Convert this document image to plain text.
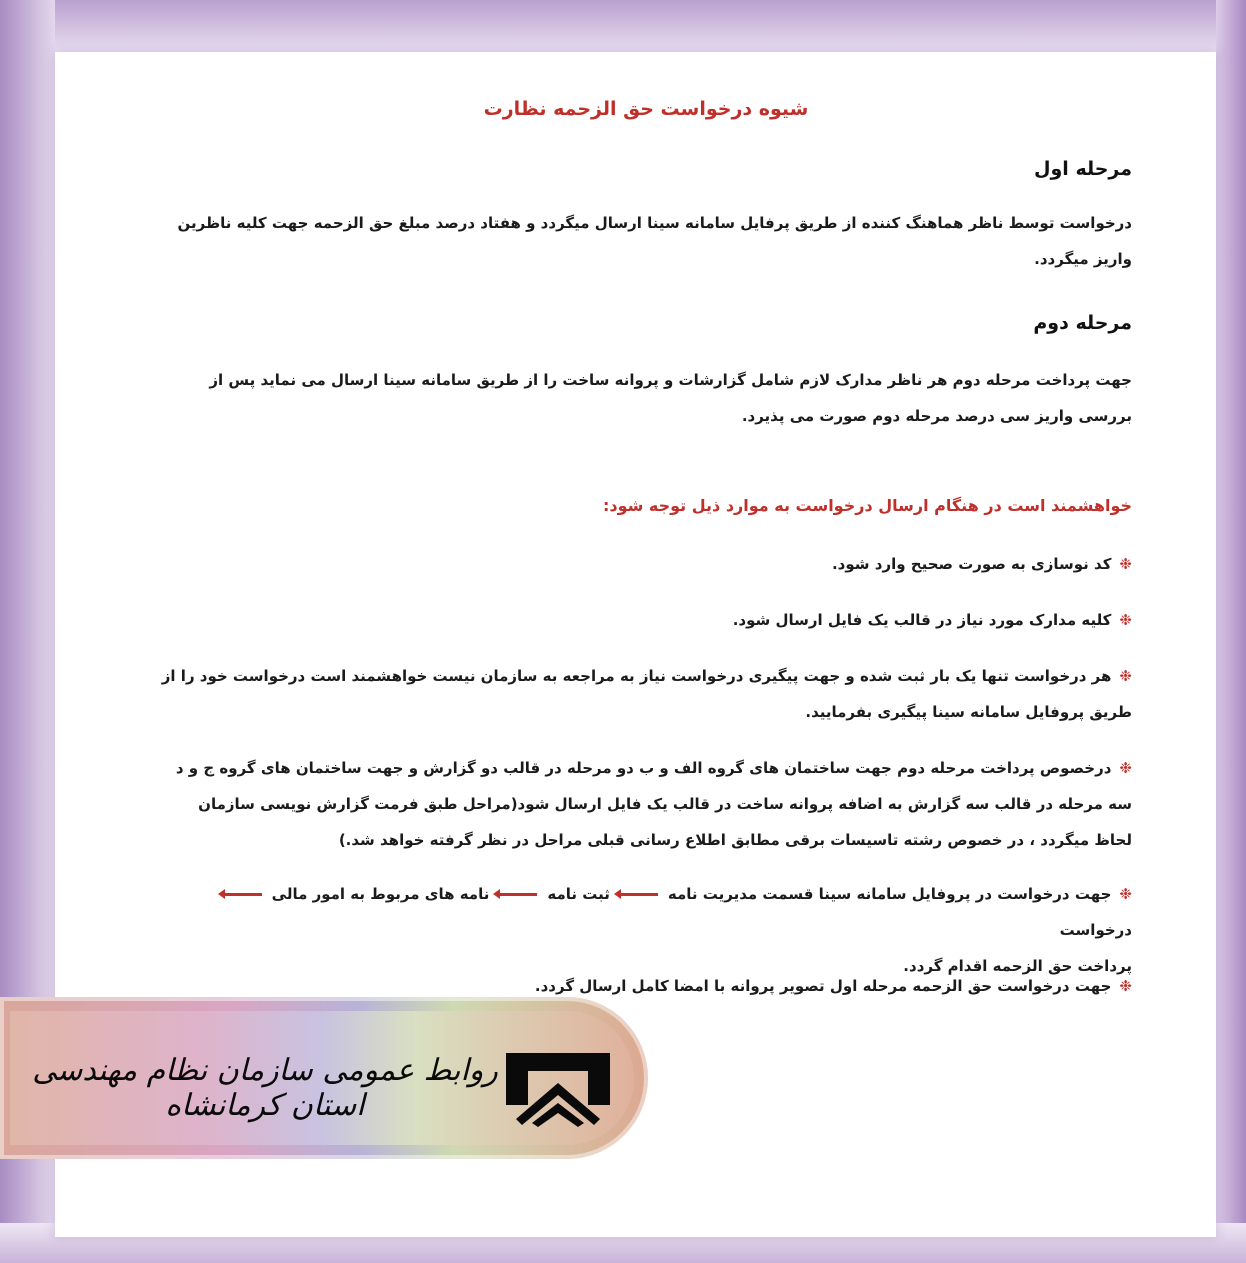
شیوه درخواست حق الزحمه نظارت
مرحله اول
درخواست توسط ناظر هماهنگ کننده از طریق پرفایل سامانه سینا ارسال میگردد و هفتاد درصد مبلغ حق الزحمه جهت کلیه ناظرین واریز میگردد.
مرحله دوم
جهت پرداخت مرحله دوم هر ناظر مدارک لازم شامل گزارشات و پروانه ساخت را از طریق سامانه سینا ارسال می نماید پس از بررسی واریز سی درصد مرحله دوم صورت می پذیرد.
خواهشمند است در هنگام ارسال درخواست به موارد ذیل توجه شود:
❉کد نوسازی به صورت صحیح وارد شود.
❉کلیه مدارک مورد نیاز در قالب یک فایل ارسال شود.
❉هر درخواست تنها یک بار ثبت شده و جهت پیگیری درخواست نیاز به مراجعه به سازمان نیست خواهشمند است درخواست خود را از طریق پروفایل سامانه سینا پیگیری بفرمایید.
❉درخصوص پرداخت مرحله دوم جهت ساختمان های گروه الف و ب دو مرحله در قالب دو گزارش و جهت ساختمان های گروه ج و د سه مرحله در قالب سه گزارش به اضافه پروانه ساخت در قالب یک فایل ارسال شود(مراحل طبق فرمت گزارش نویسی سازمان لحاظ میگردد ، در خصوص رشته تاسیسات برقی مطابق اطلاع رسانی قبلی مراحل در نظر گرفته خواهد شد.)
❉جهت درخواست در پروفایل سامانه سینا قسمت مدیریت نامهثبت نامهنامه های مربوط به امور مالیدرخواست
پرداخت حق الزحمه اقدام گردد.
❉جهت درخواست حق الزحمه مرحله اول تصویر پروانه با امضا کامل ارسال گردد.
روابط عمومی سازمان نظام مهندسی استان کرمانشاه
